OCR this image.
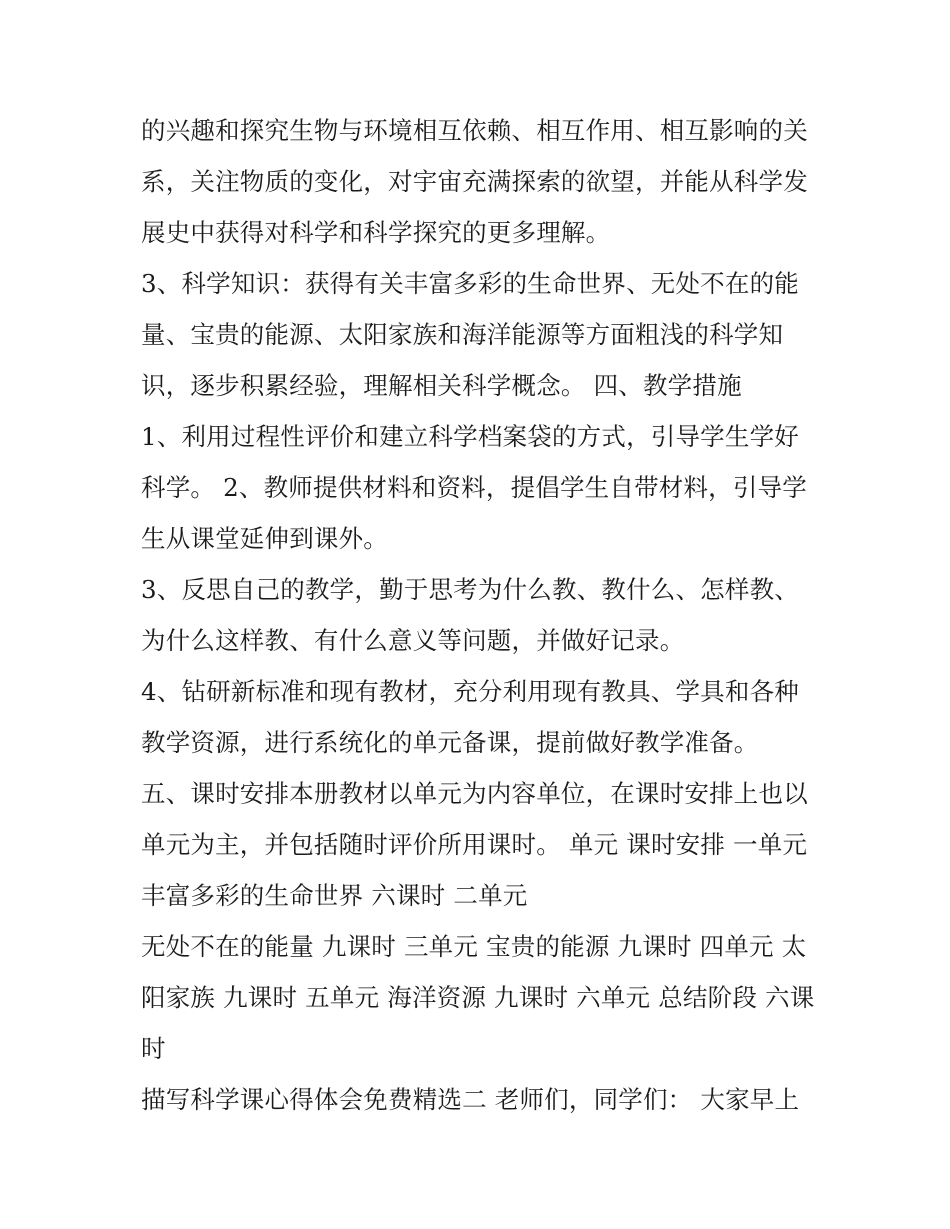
的兴趣和探究生物与环境相互依赖、相互作用、相互影响的关
系，关注物质的变化，对宇宙充满探索的欲望，并能从科学发
展史中获得对科学和科学探究的更多理解。
3、科学知识：获得有关丰富多彩的生命世界、无处不在的能
量、宝贵的能源、太阳家族和海洋能源等方面粗浅的科学知
识，逐步积累经验，理解相关科学概念。 四、教学措施
1、利用过程性评价和建立科学档案袋的方式，引导学生学好
科学。 2、教师提供材料和资料，提倡学生自带材料，引导学
生从课堂延伸到课外。
3、反思自己的教学，勤于思考为什么教、教什么、怎样教、
为什么这样教、有什么意义等问题，并做好记录。
4、钻研新标准和现有教材，充分利用现有教具、学具和各种
教学资源，进行系统化的单元备课，提前做好教学准备。
五、课时安排本册教材以单元为内容单位，在课时安排上也以
单元为主，并包括随时评价所用课时。 单元 课时安排 一单元
丰富多彩的生命世界 六课时 二单元
无处不在的能量 九课时 三单元 宝贵的能源 九课时 四单元 太
阳家族 九课时 五单元 海洋资源 九课时 六单元 总结阶段 六课
时
描写科学课心得体会免费精选二 老师们，同学们： 大家早上
